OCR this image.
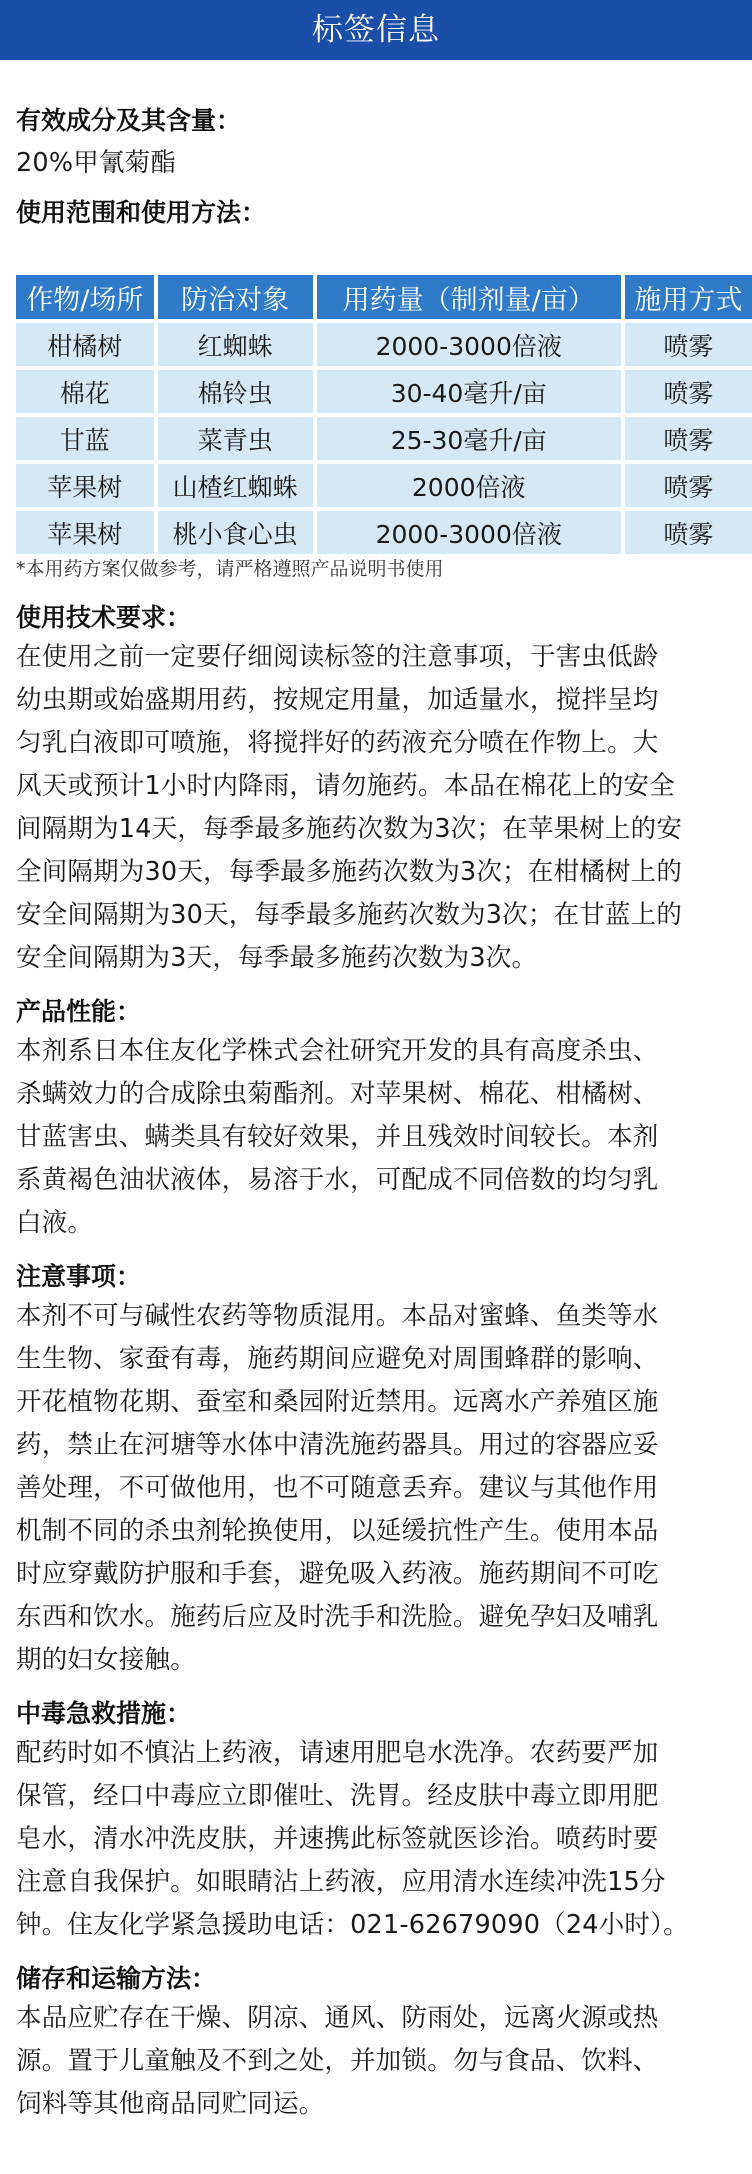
标签信息

有效成分及其含量：

20%甲氰菊酯

使用范围和使用方法：

作物/场所	防治对象	用药量（制剂量/亩）	施用方式
柑橘树	红蜘蛛	2000-3000倍液	喷雾
棉花	棉铃虫	30-40毫升/亩	喷雾
甘蓝	菜青虫	25-30毫升/亩	喷雾
苹果树	山楂红蜘蛛	2000倍液	喷雾
苹果树	桃小食心虫	2000-3000倍液	喷雾

*本用药方案仅做参考，请严格遵照产品说明书使用

使用技术要求：

在使用之前一定要仔细阅读标签的注意事项，于害虫低龄

幼虫期或始盛期用药，按规定用量，加适量水，搅拌呈均

匀乳白液即可喷施，将搅拌好的药液充分喷在作物上。大

风天或预计1小时内降雨，请勿施药。本品在棉花上的安全

间隔期为14天，每季最多施药次数为3次；在苹果树上的安

全间隔期为30天，每季最多施药次数为3次；在柑橘树上的

安全间隔期为30天，每季最多施药次数为3次；在甘蓝上的

安全间隔期为3天，每季最多施药次数为3次。

产品性能：

本剂系日本住友化学株式会社研究开发的具有高度杀虫、

杀螨效力的合成除虫菊酯剂。对苹果树、棉花、柑橘树、

甘蓝害虫、螨类具有较好效果，并且残效时间较长。本剂

系黄褐色油状液体，易溶于水，可配成不同倍数的均匀乳

白液。

注意事项：

本剂不可与碱性农药等物质混用。本品对蜜蜂、鱼类等水

生生物、家蚕有毒，施药期间应避免对周围蜂群的影响、

开花植物花期、蚕室和桑园附近禁用。远离水产养殖区施

药，禁止在河塘等水体中清洗施药器具。用过的容器应妥

善处理，不可做他用，也不可随意丢弃。建议与其他作用

机制不同的杀虫剂轮换使用，以延缓抗性产生。使用本品

时应穿戴防护服和手套，避免吸入药液。施药期间不可吃

东西和饮水。施药后应及时洗手和洗脸。避免孕妇及哺乳

期的妇女接触。

中毒急救措施：

配药时如不慎沾上药液，请速用肥皂水洗净。农药要严加

保管，经口中毒应立即催吐、洗胃。经皮肤中毒立即用肥

皂水，清水冲洗皮肤，并速携此标签就医诊治。喷药时要

注意自我保护。如眼睛沾上药液，应用清水连续冲洗15分

钟。住友化学紧急援助电话：021-62679090（24小时）。

储存和运输方法：

本品应贮存在干燥、阴凉、通风、防雨处，远离火源或热

源。置于儿童触及不到之处，并加锁。勿与食品、饮料、

饲料等其他商品同贮同运。
